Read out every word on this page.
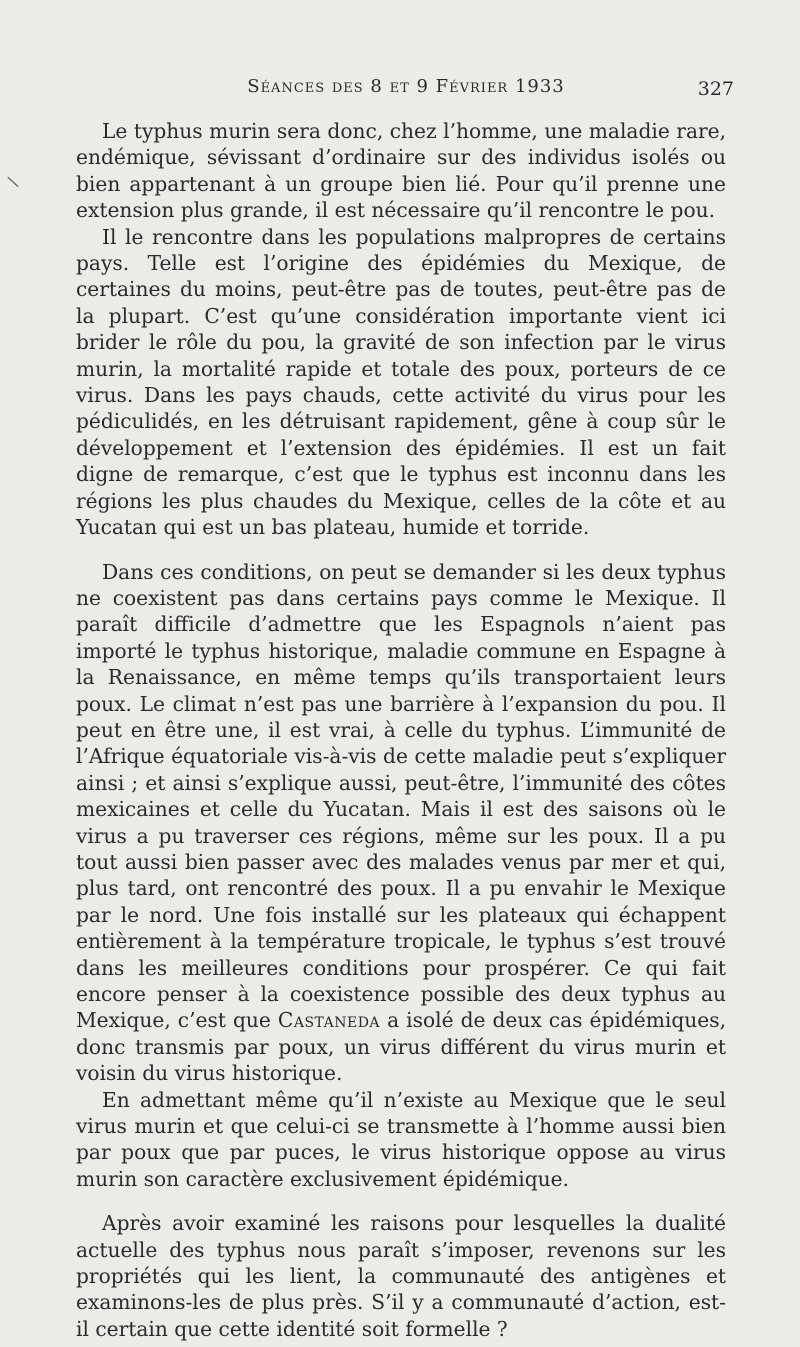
\
Séances des 8 et 9 Février 1933	327

Le typhus murin sera donc, chez l’homme, une maladie rare, endémique, sévissant d’ordinaire sur des individus isolés ou bien appartenant à un groupe bien lié. Pour qu’il prenne une extension plus grande, il est nécessaire qu’il rencontre le pou.

Il le rencontre dans les populations malpropres de certains pays. Telle est l’origine des épidémies du Mexique, de certaines du moins, peut-être pas de toutes, peut-être pas de la plupart. C’est qu’une considération importante vient ici brider le rôle du pou, la gravité de son infection par le virus murin, la mortalité rapide et totale des poux, porteurs de ce virus. Dans les pays chauds, cette activité du virus pour les pédiculidés, en les détruisant rapidement, gêne à coup sûr le développement et l’extension des épidémies. Il est un fait digne de remarque, c’est que le typhus est inconnu dans les régions les plus chaudes du Mexique, celles de la côte et au Yucatan qui est un bas plateau, humide et torride.

Dans ces conditions, on peut se demander si les deux typhus ne coexistent pas dans certains pays comme le Mexique. Il paraît difficile d’admettre que les Espagnols n’aient pas importé le typhus historique, maladie commune en Espagne à la Renaissance, en même temps qu’ils transportaient leurs poux. Le climat n’est pas une barrière à l’expansion du pou. Il peut en être une, il est vrai, à celle du typhus. L’immunité de l’Afrique équatoriale vis-à-vis de cette maladie peut s’expliquer ainsi ; et ainsi s’explique aussi, peut-être, l’immunité des côtes mexicaines et celle du Yucatan. Mais il est des saisons où le virus a pu traverser ces régions, même sur les poux. Il a pu tout aussi bien passer avec des malades venus par mer et qui, plus tard, ont rencontré des poux. Il a pu envahir le Mexique par le nord. Une fois installé sur les plateaux qui échappent entièrement à la température tropicale, le typhus s’est trouvé dans les meilleures conditions pour prospérer. Ce qui fait encore penser à la coexistence possible des deux typhus au Mexique, c’est que Castaneda a isolé de deux cas épidémiques, donc transmis par poux, un virus différent du virus murin et voisin du virus historique.

En admettant même qu’il n’existe au Mexique que le seul virus murin et que celui-ci se transmette à l’homme aussi bien par poux que par puces, le virus historique oppose au virus murin son caractère exclusivement épidémique.

Après avoir examiné les raisons pour lesquelles la dualité actuelle des typhus nous paraît s’imposer, revenons sur les propriétés qui les lient, la communauté des antigènes et examinons-les de plus près. S’il y a communauté d’action, est-il certain que cette identité soit formelle ?
